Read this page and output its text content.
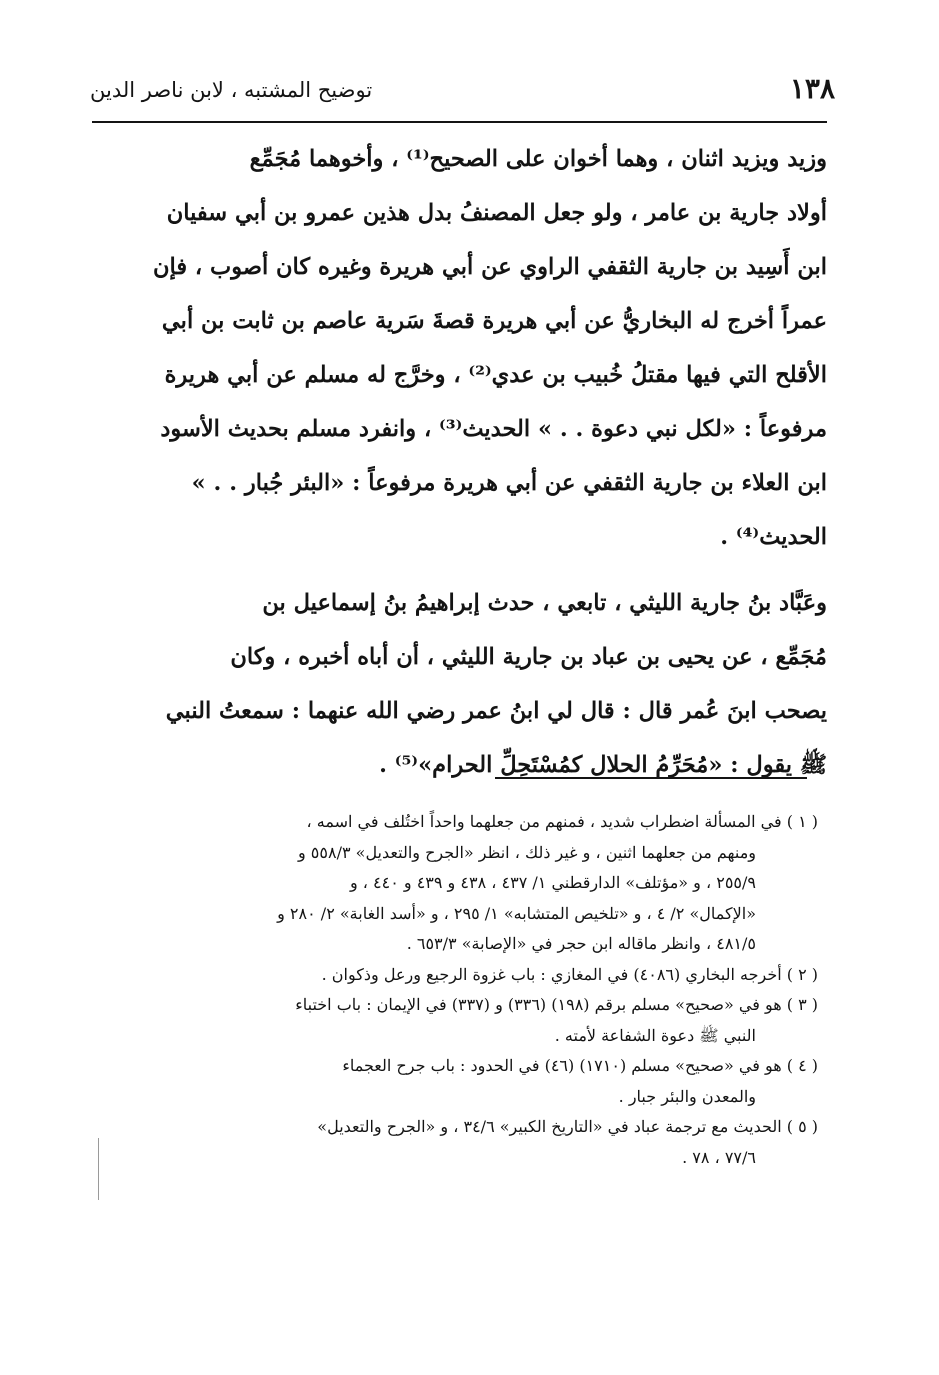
١٣٨
توضيح المشتبه ، لابن ناصر الدين
وزيد ويزيد اثنان ، وهما أخوان على الصحيح⁽¹⁾ ، وأخوهما مُجَمِّع
أولاد جارية بن عامر ، ولو جعل المصنفُ بدل هذين عمرو بن أبي سفيان
ابن أَسِيد بن جارية الثقفي الراوي عن أبي هريرة وغيره كان أصوب ، فإن
عمراً أخرج له البخاريُّ عن أبي هريرة قصةَ سَرية عاصم بن ثابت بن أبي
الأقلح التي فيها مقتلُ خُبيب بن عدي⁽²⁾ ، وخرَّج له مسلم عن أبي هريرة
مرفوعاً : «لكل نبي دعوة . . » الحديث⁽³⁾ ، وانفرد مسلم بحديث الأسود
ابن العلاء بن جارية الثقفي عن أبي هريرة مرفوعاً : «البئر جُبار . . »
الحديث⁽⁴⁾ .
وعَبَّاد بنُ جارية الليثي ، تابعي ، حدث إبراهيمُ بنُ إسماعيل بن
مُجَمِّع ، عن يحيى بن عباد بن جارية الليثي ، أن أباه أخبره ، وكان
يصحب ابنَ عُمر قال : قال لي ابنُ عمر رضي الله عنهما : سمعتُ النبي
ﷺ يقول : «مُحَرِّمُ الحلال كمُسْتَحِلِّ الحرام»⁽⁵⁾ .
( ١ ) في المسألة اضطراب شديد ، فمنهم من جعلهما واحداً اختُلف في اسمه ،
ومنهم من جعلهما اثنين ، و غير ذلك ، انظر «الجرح والتعديل» ٥٥٨/٣ و
٢٥٥/٩ ، و «مؤتلف» الدارقطني ١/ ٤٣٧ ، ٤٣٨ و ٤٣٩ و ٤٤٠ ، و
«الإكمال» ٢/ ٤ ، و «تلخيص المتشابه» ١/ ٢٩٥ ، و «أسد الغابة» ٢/ ٢٨٠ و
٤٨١/٥ ، وانظر ماقاله ابن حجر في «الإصابة» ٦٥٣/٣ .
( ٢ ) أخرجه البخاري (٤٠٨٦) في المغازي : باب غزوة الرجيع ورعل وذكوان .
( ٣ ) هو في «صحيح» مسلم برقم (١٩٨) (٣٣٦) و (٣٣٧) في الإيمان : باب اختباء
النبي ﷺ دعوة الشفاعة لأمته .
( ٤ ) هو في «صحيح» مسلم (١٧١٠) (٤٦) في الحدود : باب جرح العجماء
والمعدن والبئر جبار .
( ٥ ) الحديث مع ترجمة عباد في «التاريخ الكبير» ٣٤/٦ ، و «الجرح والتعديل»
٧٧/٦ ، ٧٨ .
